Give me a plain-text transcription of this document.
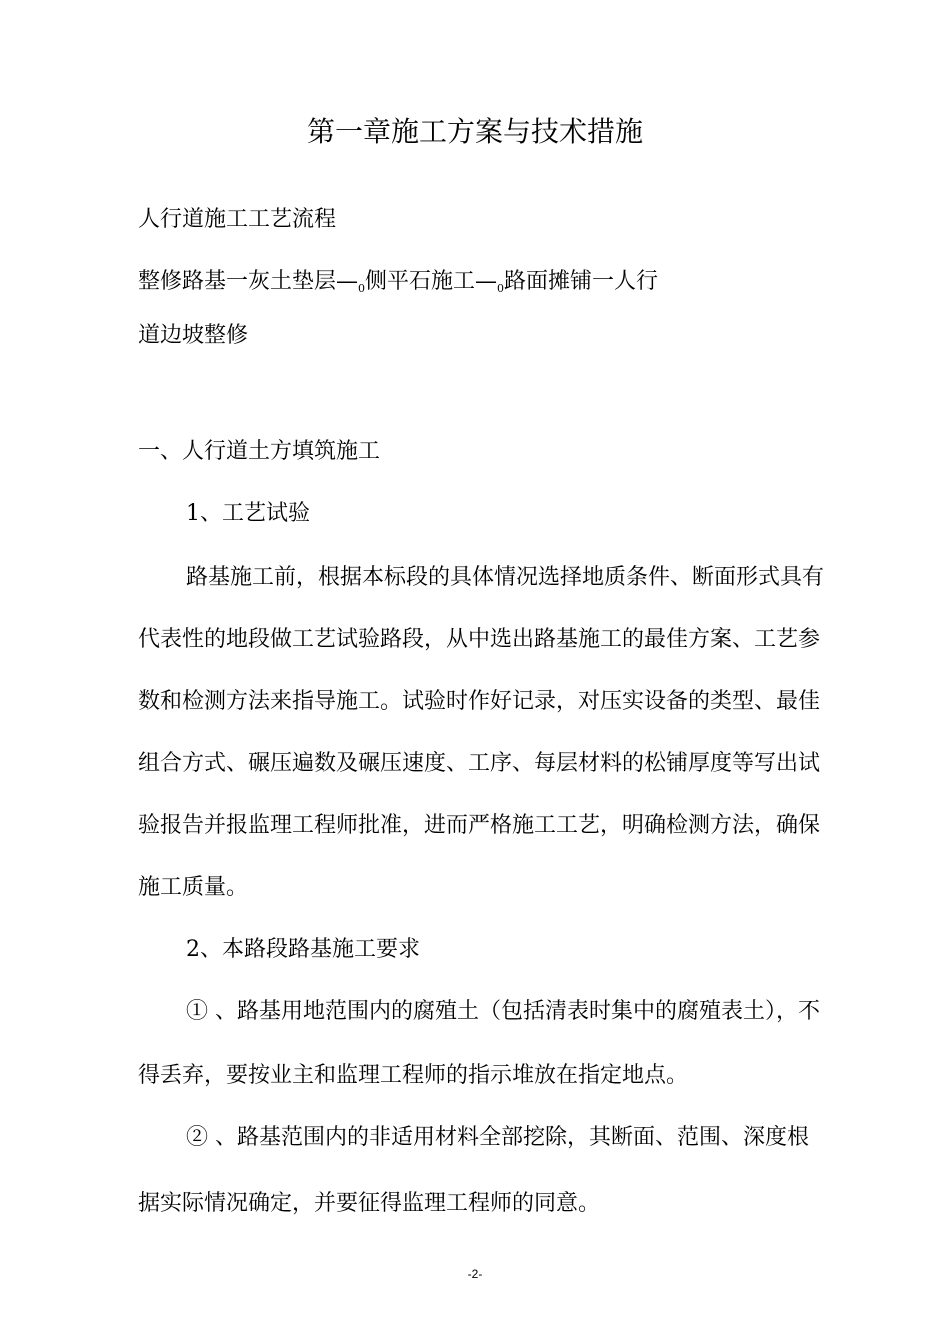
第一章施工方案与技术措施
人行道施工工艺流程
整修路基一灰土垫层—0侧平石施工—0路面摊铺一人行
道边坡整修
一、人行道土方填筑施工
1、工艺试验
路基施工前，根据本标段的具体情况选择地质条件、断面形式具有
代表性的地段做工艺试验路段，从中选出路基施工的最佳方案、工艺参
数和检测方法来指导施工。试验时作好记录，对压实设备的类型、最佳
组合方式、碾压遍数及碾压速度、工序、每层材料的松铺厚度等写出试
验报告并报监理工程师批准，进而严格施工工艺，明确检测方法，确保
施工质量。
2、本路段路基施工要求
① 、路基用地范围内的腐殖土（包括清表时集中的腐殖表土），不
得丢弃，要按业主和监理工程师的指示堆放在指定地点。
② 、路基范围内的非适用材料全部挖除，其断面、范围、深度根
据实际情况确定，并要征得监理工程师的同意。
-2-
